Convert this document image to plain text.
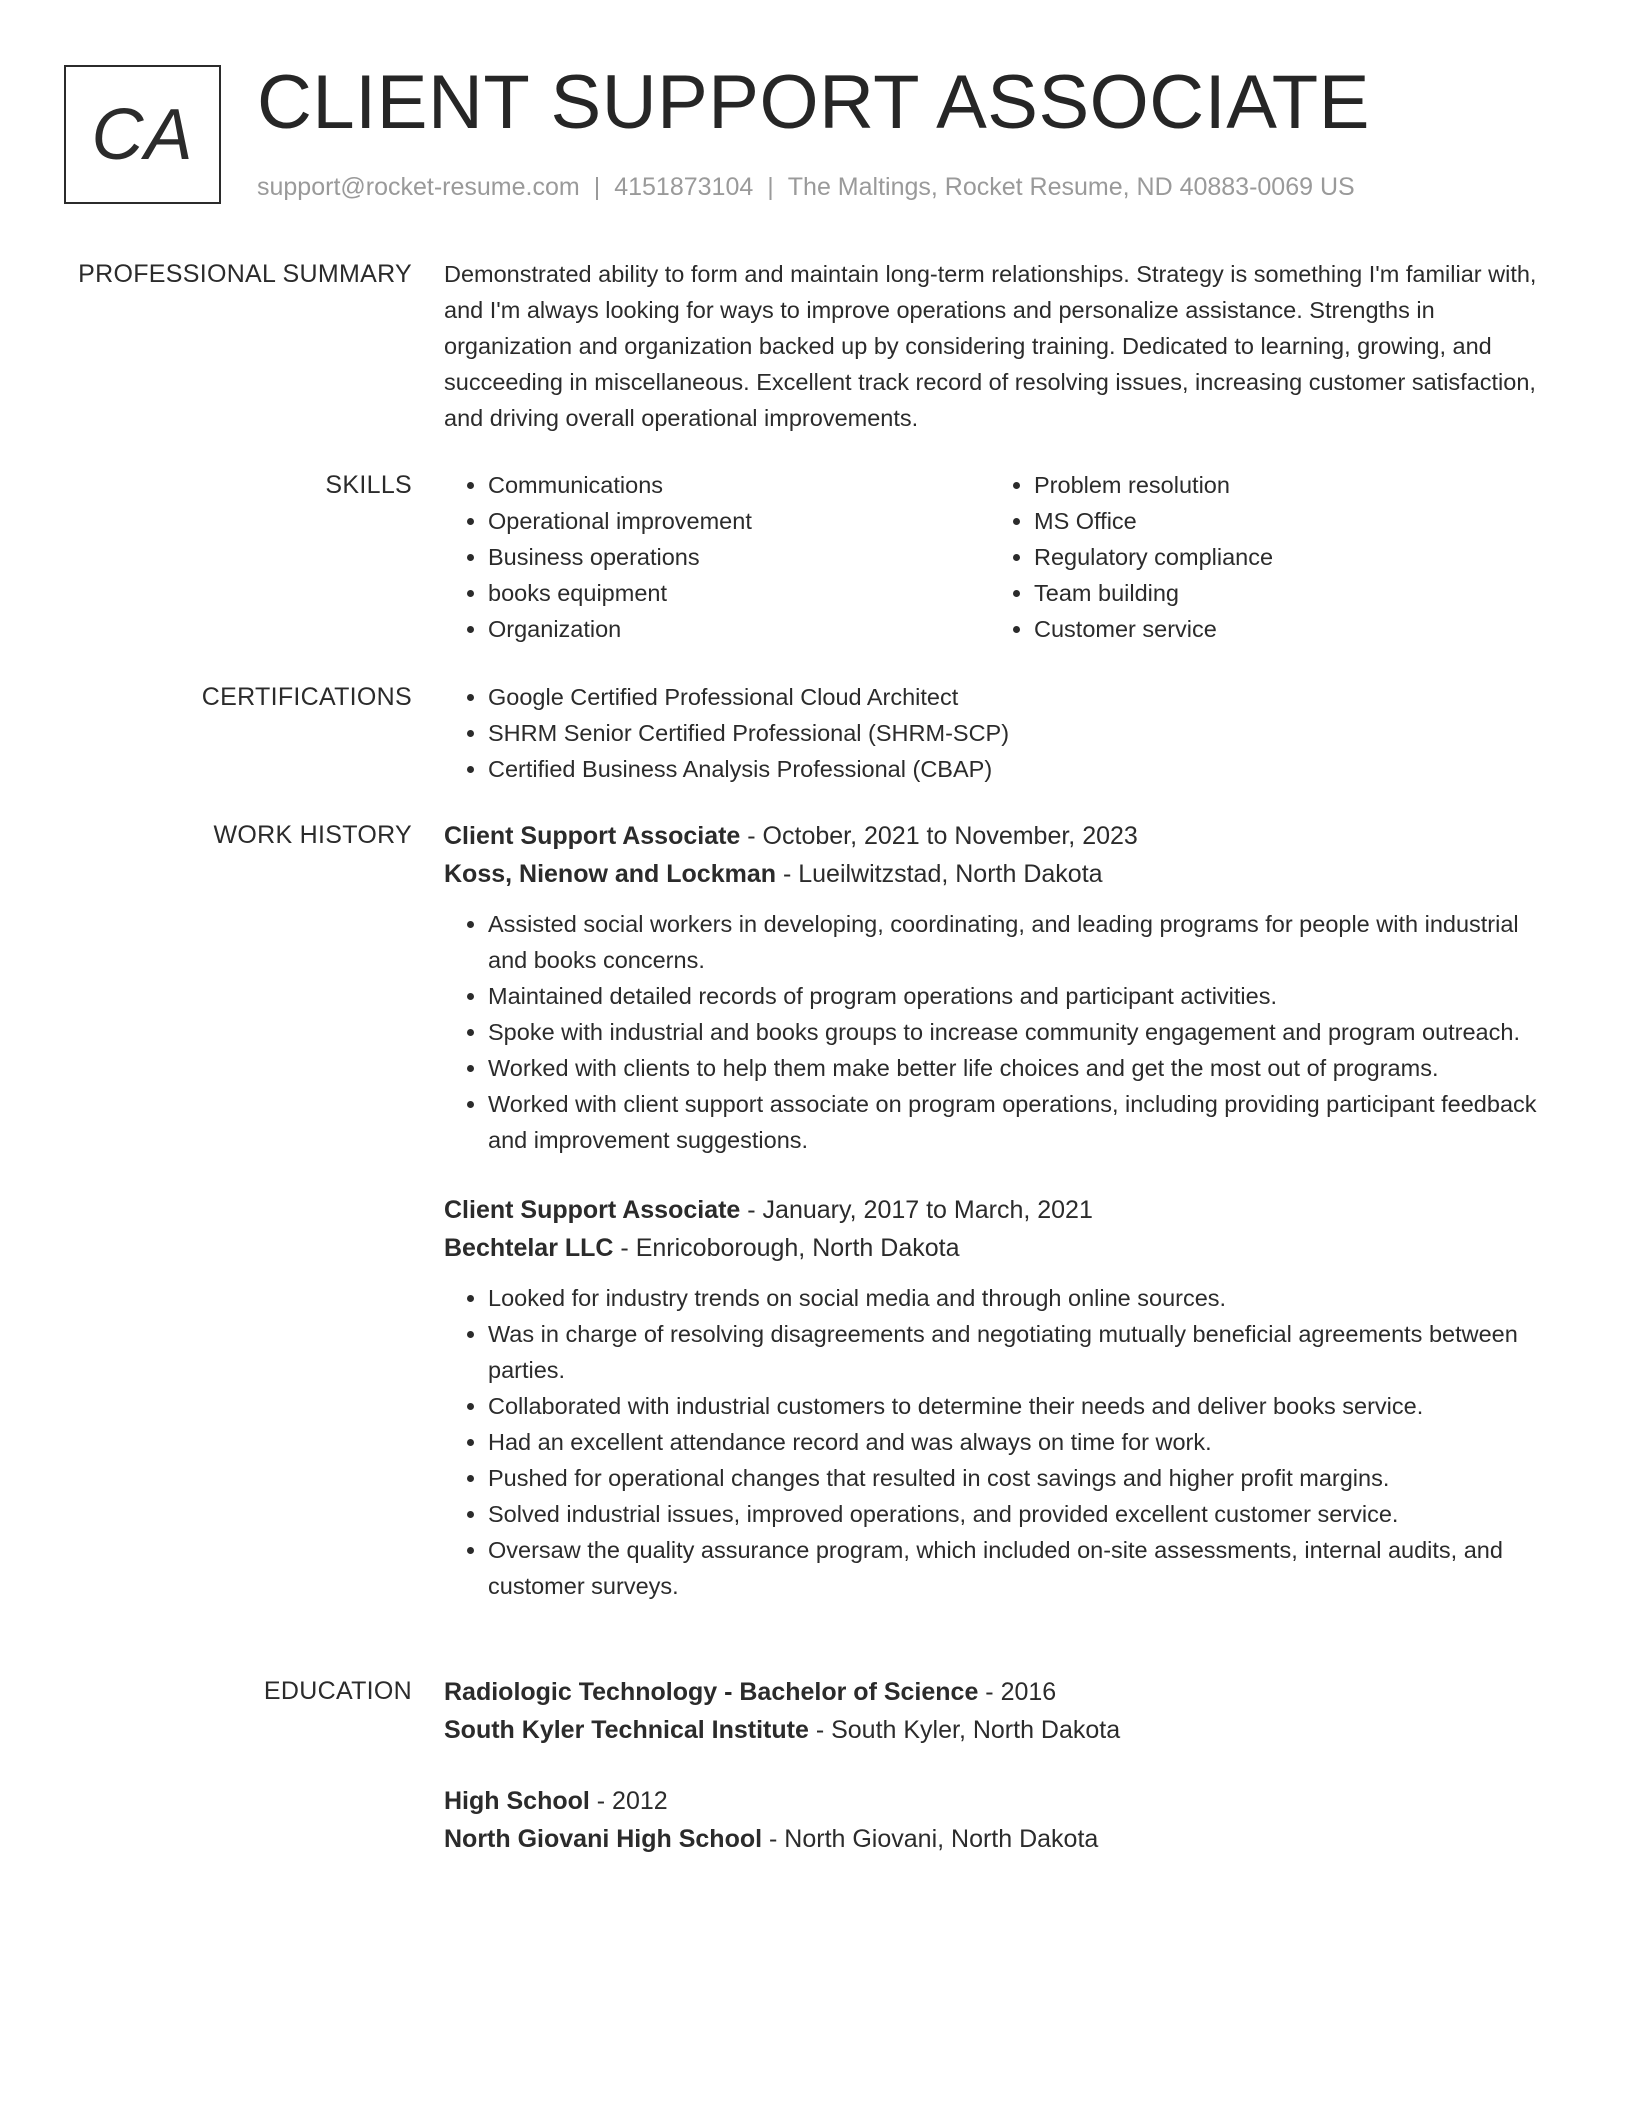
CA CLIENT SUPPORT ASSOCIATE
support@rocket-resume.com | 4151873104 | The Maltings, Rocket Resume, ND 40883-0069 US
PROFESSIONAL SUMMARY Demonstrated ability to form and maintain long-term relationships. Strategy is something I'm familiar with, and I'm always looking for ways to improve operations and personalize assistance. Strengths in organization and organization backed up by considering training. Dedicated to learning, growing, and succeeding in miscellaneous. Excellent track record of resolving issues, increasing customer satisfaction, and driving overall operational improvements.
SKILLS	• Communications
• Operational improvement
• Business operations
• books equipment
• Organization
• Problem resolution
• MS Office
• Regulatory compliance
• Team building
• Customer service
CERTIFICATIONS	• Google Certified Professional Cloud Architect
• SHRM Senior Certified Professional (SHRM-SCP)
• Certified Business Analysis Professional (CBAP)
WORK HISTORY Client Support Associate - October, 2021 to November, 2023
Koss, Nienow and Lockman - Lueilwitzstad, North Dakota
• Assisted social workers in developing, coordinating, and leading programs for people with industrial and books concerns.
• Maintained detailed records of program operations and participant activities.
• Spoke with industrial and books groups to increase community engagement and program outreach.
• Worked with clients to help them make better life choices and get the most out of programs.
• Worked with client support associate on program operations, including providing participant feedback and improvement suggestions.
Client Support Associate - January, 2017 to March, 2021
Bechtelar LLC - Enricoborough, North Dakota
• Looked for industry trends on social media and through online sources.
• Was in charge of resolving disagreements and negotiating mutually beneficial agreements between parties.
• Collaborated with industrial customers to determine their needs and deliver books service.
• Had an excellent attendance record and was always on time for work.
• Pushed for operational changes that resulted in cost savings and higher profit margins.
• Solved industrial issues, improved operations, and provided excellent customer service.
• Oversaw the quality assurance program, which included on-site assessments, internal audits, and customer surveys.
EDUCATION Radiologic Technology - Bachelor of Science - 2016
South Kyler Technical Institute - South Kyler, North Dakota
High School - 2012
North Giovani High School - North Giovani, North Dakota
